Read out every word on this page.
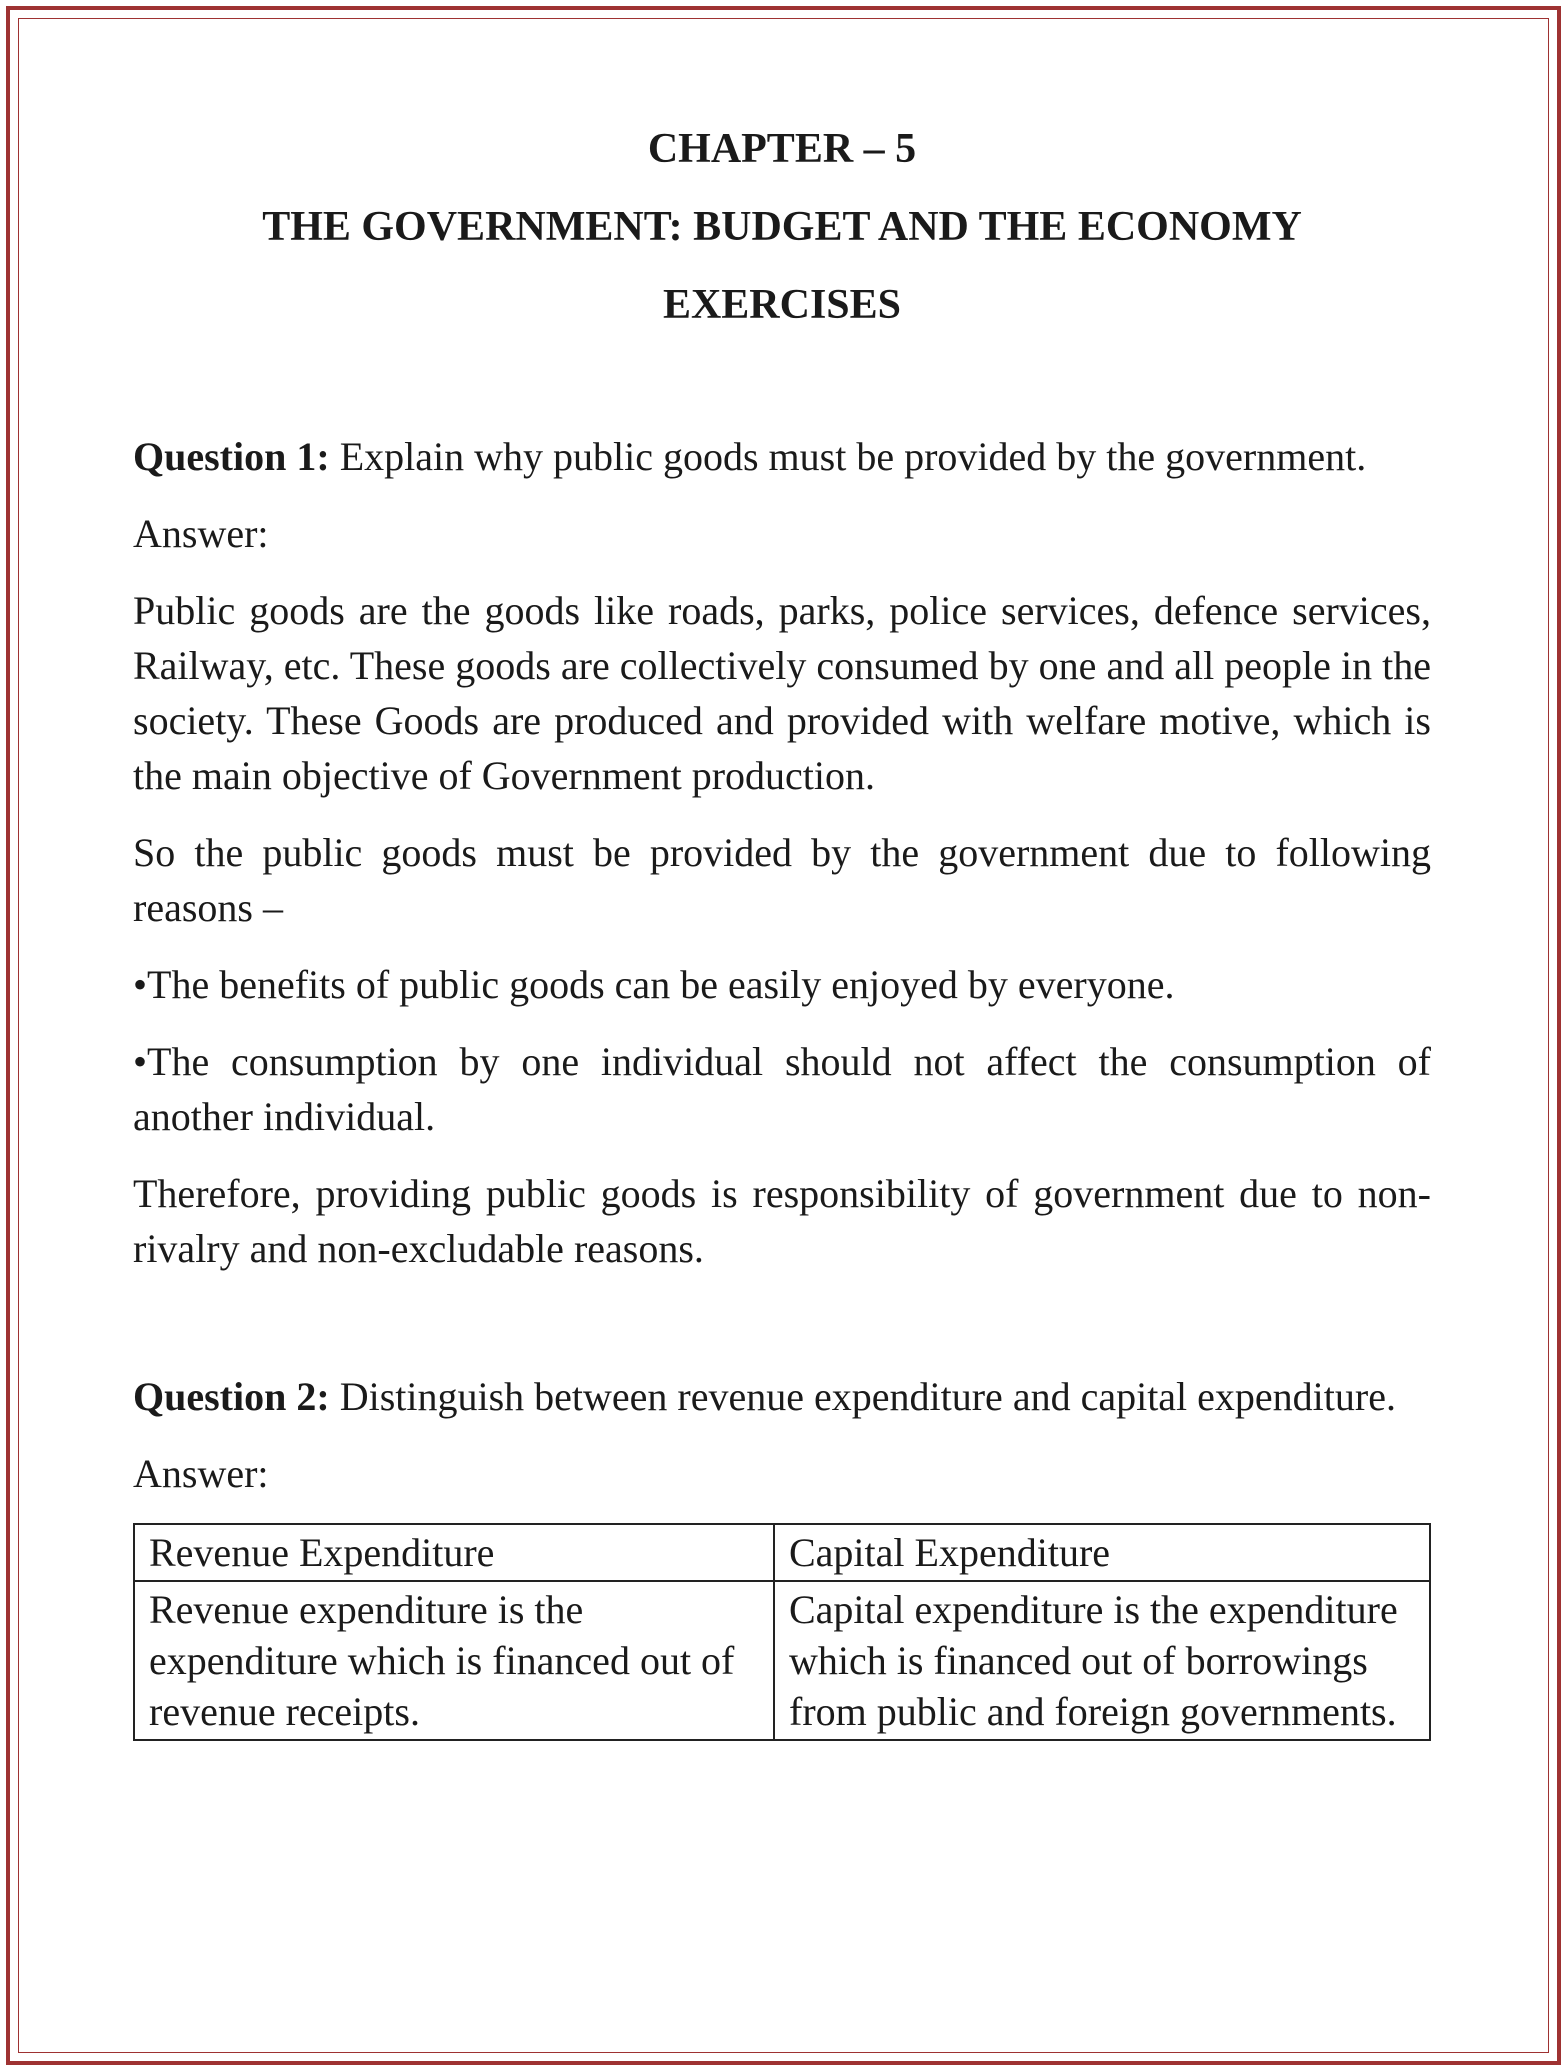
CHAPTER – 5
THE GOVERNMENT: BUDGET AND THE ECONOMY
EXERCISES

Question 1: Explain why public goods must be provided by the government.

Answer:

Public goods are the goods like roads, parks, police services, defence services, Railway, etc. These goods are collectively consumed by one and all people in the society. These Goods are produced and provided with welfare motive, which is the main objective of Government production.

So the public goods must be provided by the government due to following reasons –

•The benefits of public goods can be easily enjoyed by everyone.

•The consumption by one individual should not affect the consumption of another individual.

Therefore, providing public goods is responsibility of government due to non-rivalry and non-excludable reasons.

Question 2: Distinguish between revenue expenditure and capital expenditure.

Answer:

Revenue Expenditure	Capital Expenditure
Revenue expenditure is the expenditure which is financed out of revenue receipts.	Capital expenditure is the expenditure which is financed out of borrowings from public and foreign governments.
